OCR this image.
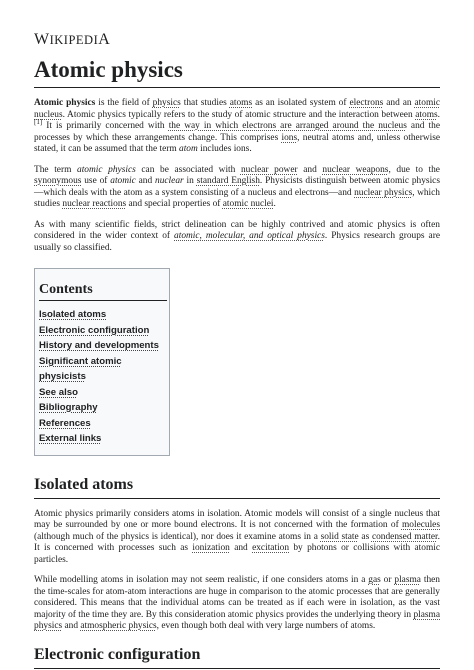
WIKIPEDIA
Atomic physics

Atomic physics is the field of physics that studies atoms as an isolated system of electrons and an atomic nucleus. Atomic physics typically refers to the study of atomic structure and the interaction between atoms.[1] It is primarily concerned with the way in which electrons are arranged around the nucleus and the processes by which these arrangements change. This comprises ions, neutral atoms and, unless otherwise stated, it can be assumed that the term atom includes ions.

The term atomic physics can be associated with nuclear power and nuclear weapons, due to the synonymous use of atomic and nuclear in standard English. Physicists distinguish between atomic physics—which deals with the atom as a system consisting of a nucleus and electrons—and nuclear physics, which studies nuclear reactions and special properties of atomic nuclei.

As with many scientific fields, strict delineation can be highly contrived and atomic physics is often considered in the wider context of atomic, molecular, and optical physics. Physics research groups are usually so classified.

Contents
Isolated atoms
Electronic configuration
History and developments
Significant atomic physicists
See also
Bibliography
References
External links
Isolated atoms

Atomic physics primarily considers atoms in isolation. Atomic models will consist of a single nucleus that may be surrounded by one or more bound electrons. It is not concerned with the formation of molecules (although much of the physics is identical), nor does it examine atoms in a solid state as condensed matter. It is concerned with processes such as ionization and excitation by photons or collisions with atomic particles.

While modelling atoms in isolation may not seem realistic, if one considers atoms in a gas or plasma then the time-scales for atom-atom interactions are huge in comparison to the atomic processes that are generally considered. This means that the individual atoms can be treated as if each were in isolation, as the vast majority of the time they are. By this consideration atomic physics provides the underlying theory in plasma physics and atmospheric physics, even though both deal with very large numbers of atoms.

Electronic configuration
